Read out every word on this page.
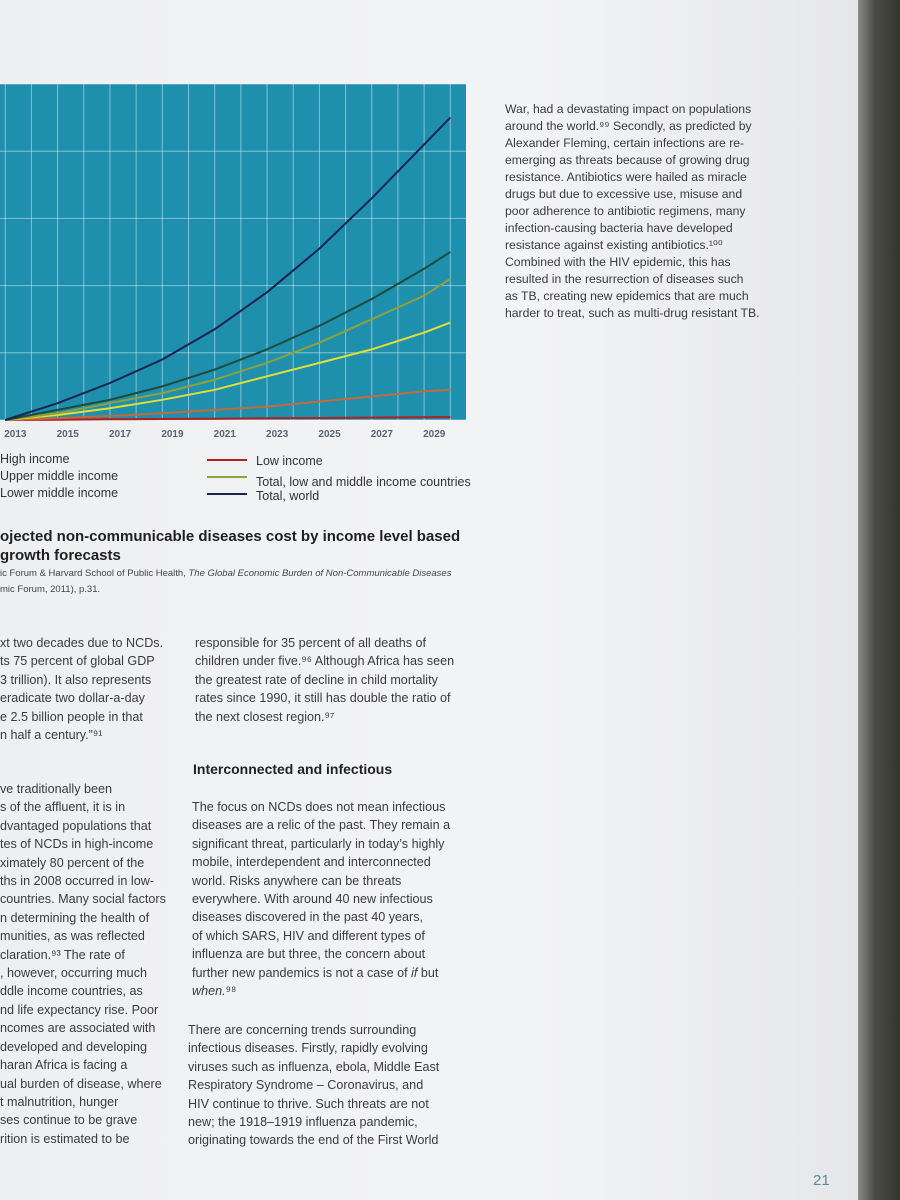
2013	2015	2017	2019	2021	2023	2025	2027	2029
High income
Upper middle income
Lower middle income
Low income
Total, low and middle income countries
Total, world
ojected non-communicable diseases cost by income level based
growth forecasts
ic Forum & Harvard School of Public Health, The Global Economic Burden of Non-Communicable Diseases
mic Forum, 2011), p.31.
War, had a devastating impact on populations
around the world.⁹⁹ Secondly, as predicted by
Alexander Fleming, certain infections are re-
emerging as threats because of growing drug
resistance. Antibiotics were hailed as miracle
drugs but due to excessive use, misuse and
poor adherence to antibiotic regimens, many
infection-causing bacteria have developed
resistance against existing antibiotics.¹⁰⁰
Combined with the HIV epidemic, this has
resulted in the resurrection of diseases such
as TB, creating new epidemics that are much
harder to treat, such as multi-drug resistant TB.
xt two decades due to NCDs.
ts 75 percent of global GDP
3 trillion). It also represents
eradicate two dollar-a-day
e 2.5 billion people in that
n half a century.”⁹¹
responsible for 35 percent of all deaths of
children under five.⁹⁶ Although Africa has seen
the greatest rate of decline in child mortality
rates since 1990, it still has double the ratio of
the next closest region.⁹⁷
ve traditionally been
s of the affluent, it is in
dvantaged populations that
tes of NCDs in high-income
ximately 80 percent of the
ths in 2008 occurred in low-
countries. Many social factors
n determining the health of
munities, as was reflected
claration.⁹³ The rate of
, however, occurring much
ddle income countries, as
nd life expectancy rise. Poor
ncomes are associated with
developed and developing
haran Africa is facing a
ual burden of disease, where
t malnutrition, hunger
ses continue to be grave
rition is estimated to be
Interconnected and infectious
The focus on NCDs does not mean infectious
diseases are a relic of the past. They remain a
significant threat, particularly in today’s highly
mobile, interdependent and interconnected
world. Risks anywhere can be threats
everywhere. With around 40 new infectious
diseases discovered in the past 40 years,
of which SARS, HIV and different types of
influenza are but three, the concern about
further new pandemics is not a case of if but
when.⁹⁸
There are concerning trends surrounding
infectious diseases. Firstly, rapidly evolving
viruses such as influenza, ebola, Middle East
Respiratory Syndrome – Coronavirus, and
HIV continue to thrive. Such threats are not
new; the 1918–1919 influenza pandemic,
originating towards the end of the First World
21
